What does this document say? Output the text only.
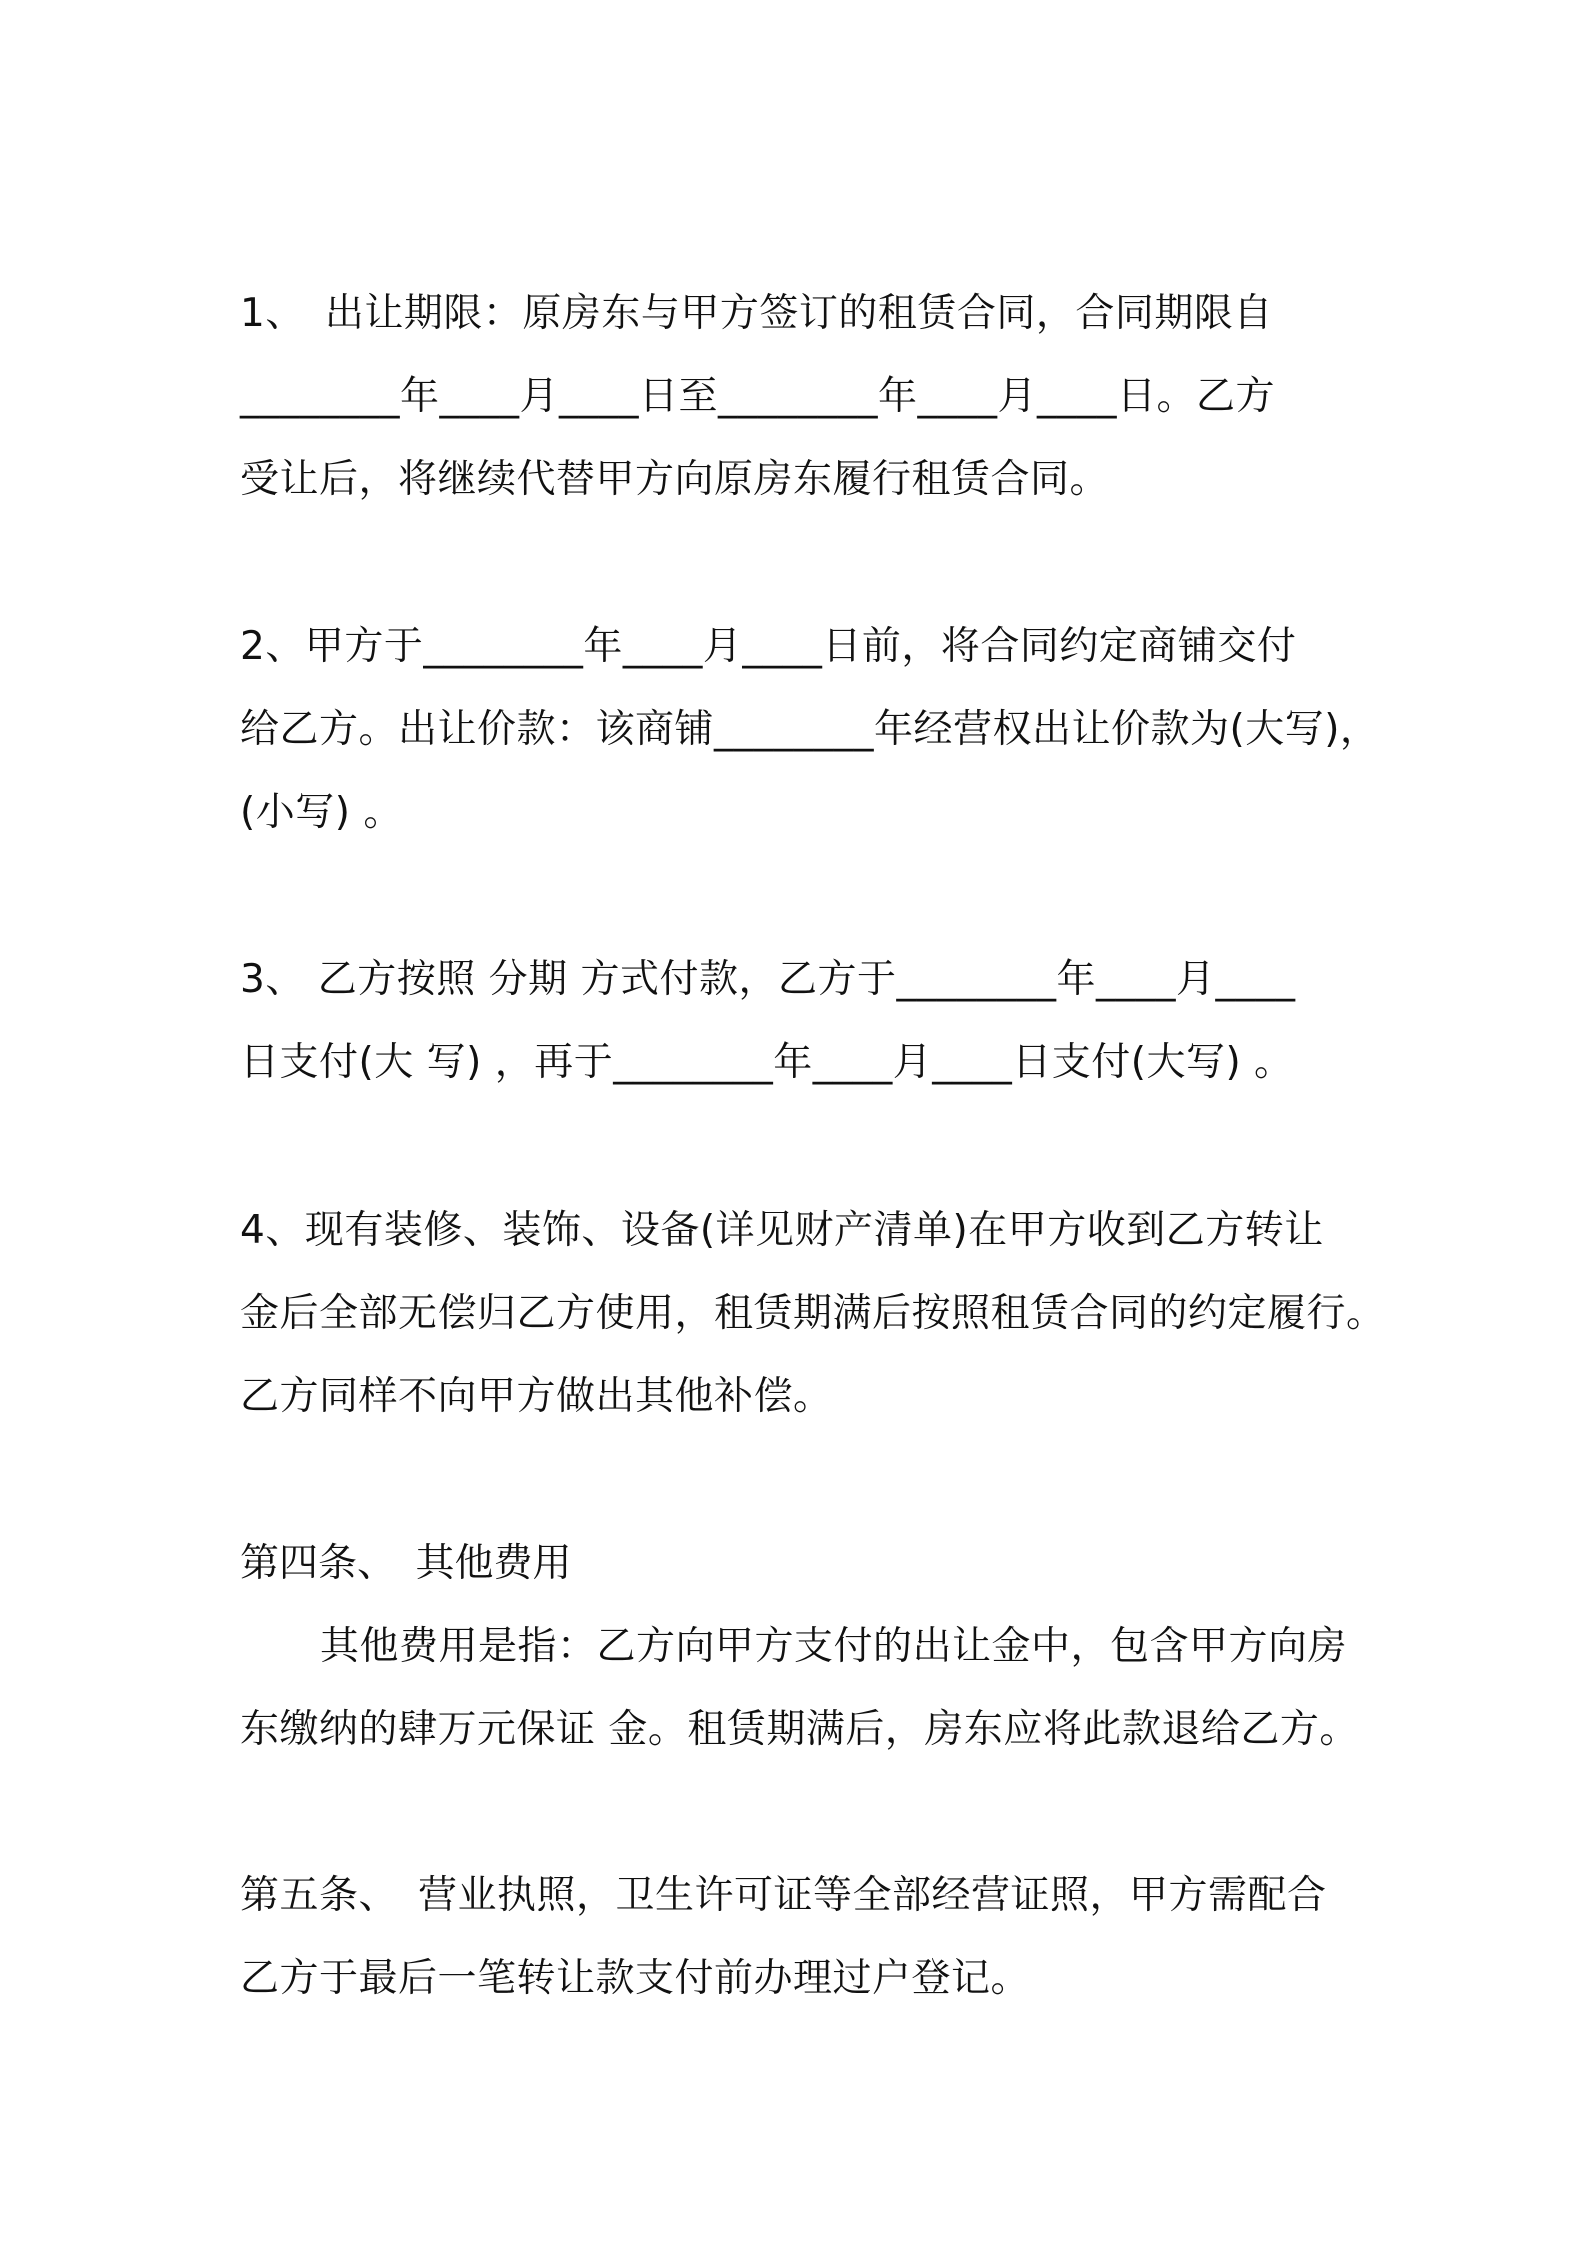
1、　出让期限：原房东与甲方签订的租赁合同，合同期限自
________年____月____日至________年____月____日。乙方
受让后，将继续代替甲方向原房东履行租赁合同。
2、甲方于________年____月____日前，将合同约定商铺交付
给乙方。出让价款：该商铺________年经营权出让价款为(大写)，
(小写) 。
3、 乙方按照 分期 方式付款，乙方于________年____月____
日支付(大 写) ，再于________年____月____日支付(大写) 。
4、现有装修、装饰、设备(详见财产清单)在甲方收到乙方转让
金后全部无偿归乙方使用，租赁期满后按照租赁合同的约定履行。
乙方同样不向甲方做出其他补偿。
第四条、　其他费用
其他费用是指：乙方向甲方支付的出让金中，包含甲方向房
东缴纳的肆万元保证 金。租赁期满后，房东应将此款退给乙方。
第五条、　营业执照，卫生许可证等全部经营证照，甲方需配合
乙方于最后一笔转让款支付前办理过户登记。
